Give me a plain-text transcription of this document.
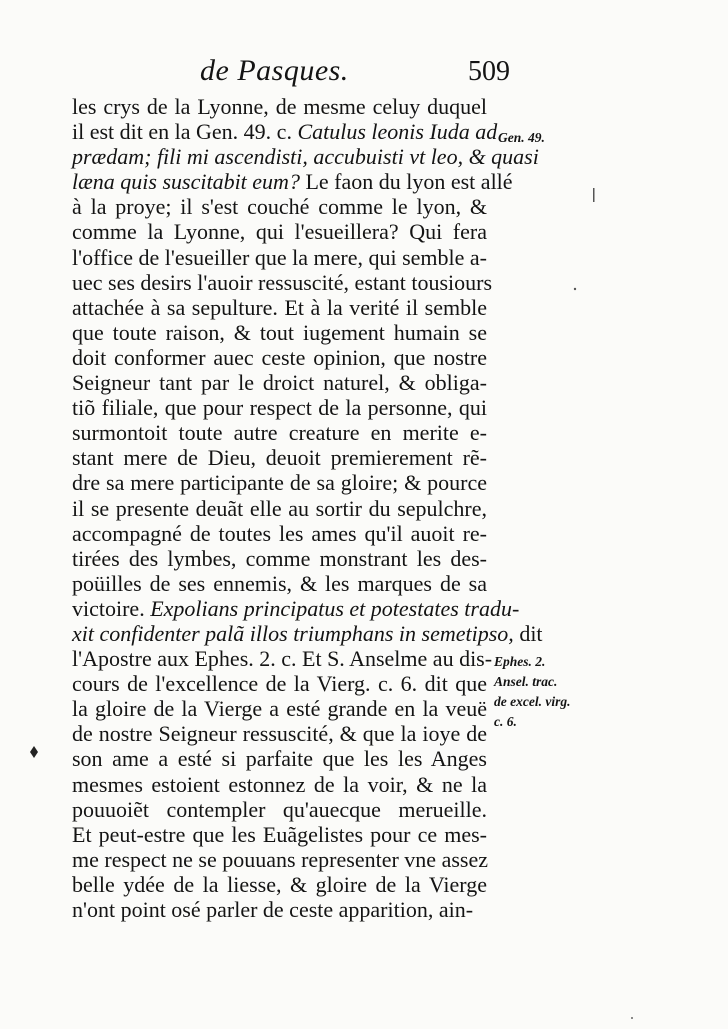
de Pasques.	509
les crys de la Lyonne, de mesme celuy duquel
il est dit en la Gen. 49. c. Catulus leonis Iuda ad
prædam; fili mi ascendisti, accubuisti vt leo, & quasi
læna quis suscitabit eum? Le faon du lyon est allé
à la proye; il s'est couché comme le lyon, &
comme la Lyonne, qui l'esueillera? Qui fera
l'office de l'esueiller que la mere, qui semble a-
uec ses desirs l'auoir ressuscité, estant tousiours
attachée à sa sepulture. Et à la verité il semble
que toute raison, & tout iugement humain se
doit conformer auec ceste opinion, que nostre
Seigneur tant par le droict naturel, & obliga-
tiõ filiale, que pour respect de la personne, qui
surmontoit toute autre creature en merite e-
stant mere de Dieu, deuoit premierement rẽ-
dre sa mere participante de sa gloire; & pource
il se presente deuãt elle au sortir du sepulchre,
accompagné de toutes les ames qu'il auoit re-
tirées des lymbes, comme monstrant les des-
poüilles de ses ennemis, & les marques de sa
victoire. Expolians principatus et potestates tradu-
xit confidenter palã illos triumphans in semetipso, dit
l'Apostre aux Ephes. 2. c. Et S. Anselme au dis-
cours de l'excellence de la Vierg. c. 6. dit que
la gloire de la Vierge a esté grande en la veuë
de nostre Seigneur ressuscité, & que la ioye de
son ame a esté si parfaite que les les Anges
mesmes estoient estonnez de la voir, & ne la
pouuoiẽt contempler qu'auecque merueille.
Et peut-estre que les Euãgelistes pour ce mes-
me respect ne se pouuans representer vne assez
belle ydée de la liesse, & gloire de la Vierge
n'ont point osé parler de ceste apparition, ain-
Gen. 49.
Ephes. 2.
Ansel. trac.
de excel. virg.
c. 6.
